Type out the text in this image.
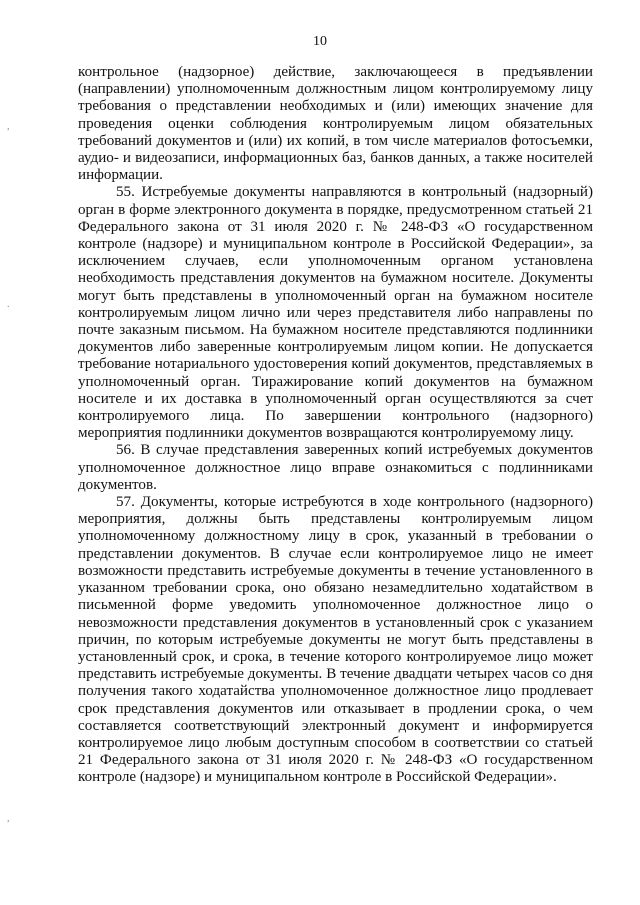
10
,
.
,

контрольное (надзорное) действие, заключающееся в предъявлении (направлении) уполномоченным должностным лицом контролируемому лицу требования о представлении необходимых и (или) имеющих значение для проведения оценки соблюдения контролируемым лицом обязательных требований документов и (или) их копий, в том числе материалов фотосъемки, аудио- и видеозаписи, информационных баз, банков данных, а также носителей информации.

55. Истребуемые документы направляются в контрольный (надзорный) орган в форме электронного документа в порядке, предусмотренном статьей 21 Федерального закона от 31 июля 2020 г. № 248-ФЗ «О государственном контроле (надзоре) и муниципальном контроле в Российской Федерации», за исключением случаев, если уполномоченным органом установлена необходимость представления документов на бумажном носителе. Документы могут быть представлены в уполномоченный орган на бумажном носителе контролируемым лицом лично или через представителя либо направлены по почте заказным письмом. На бумажном носителе представляются подлинники документов либо заверенные контролируемым лицом копии. Не допускается требование нотариального удостоверения копий документов, представляемых в уполномоченный орган. Тиражирование копий документов на бумажном носителе и их доставка в уполномоченный орган осуществляются за счет контролируемого лица. По завершении контрольного (надзорного) мероприятия подлинники документов возвращаются контролируемому лицу.

56. В случае представления заверенных копий истребуемых документов уполномоченное должностное лицо вправе ознакомиться с подлинниками документов.

57. Документы, которые истребуются в ходе контрольного (надзорного) мероприятия, должны быть представлены контролируемым лицом уполномоченному должностному лицу в срок, указанный в требовании о представлении документов. В случае если контролируемое лицо не имеет возможности представить истребуемые документы в течение установленного в указанном требовании срока, оно обязано незамедлительно ходатайством в письменной форме уведомить уполномоченное должностное лицо о невозможности представления документов в установленный срок с указанием причин, по которым истребуемые документы не могут быть представлены в установленный срок, и срока, в течение которого контролируемое лицо может представить истребуемые документы. В течение двадцати четырех часов со дня получения такого ходатайства уполномоченное должностное лицо продлевает срок представления документов или отказывает в продлении срока, о чем составляется соответствующий электронный документ и информируется контролируемое лицо любым доступным способом в соответствии со статьей 21 Федерального закона от 31 июля 2020 г. № 248-ФЗ «О государственном контроле (надзоре) и муниципальном контроле в Российской Федерации».
